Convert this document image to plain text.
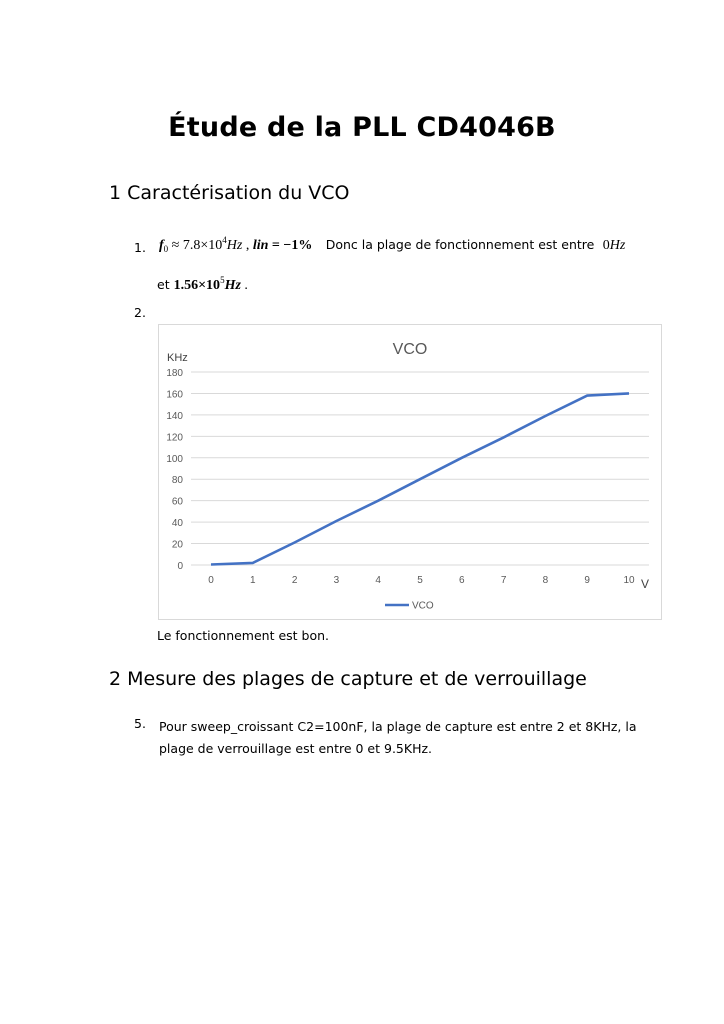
Étude de la PLL CD4046B
1 Caractérisation du VCO
1. $f_0 \approx 7.8\times 10^4Hz$ , lin = −1% Donc la plage de fonctionnement est entre  0Hz
et $1.56\times 10^5Hz$ .
2.
0
20
40
60
80
100
120
140
160
180
0	1	2	3	4	5	6	7	8	9	10
VCO
KHz
V
VCO
Le fonctionnement est bon.
2 Mesure des plages de capture et de verrouillage
5. Pour sweep_croissant C2=100nF, la plage de capture est entre 2 et 8KHz, la plage de verrouillage est entre 0 et 9.5KHz.
